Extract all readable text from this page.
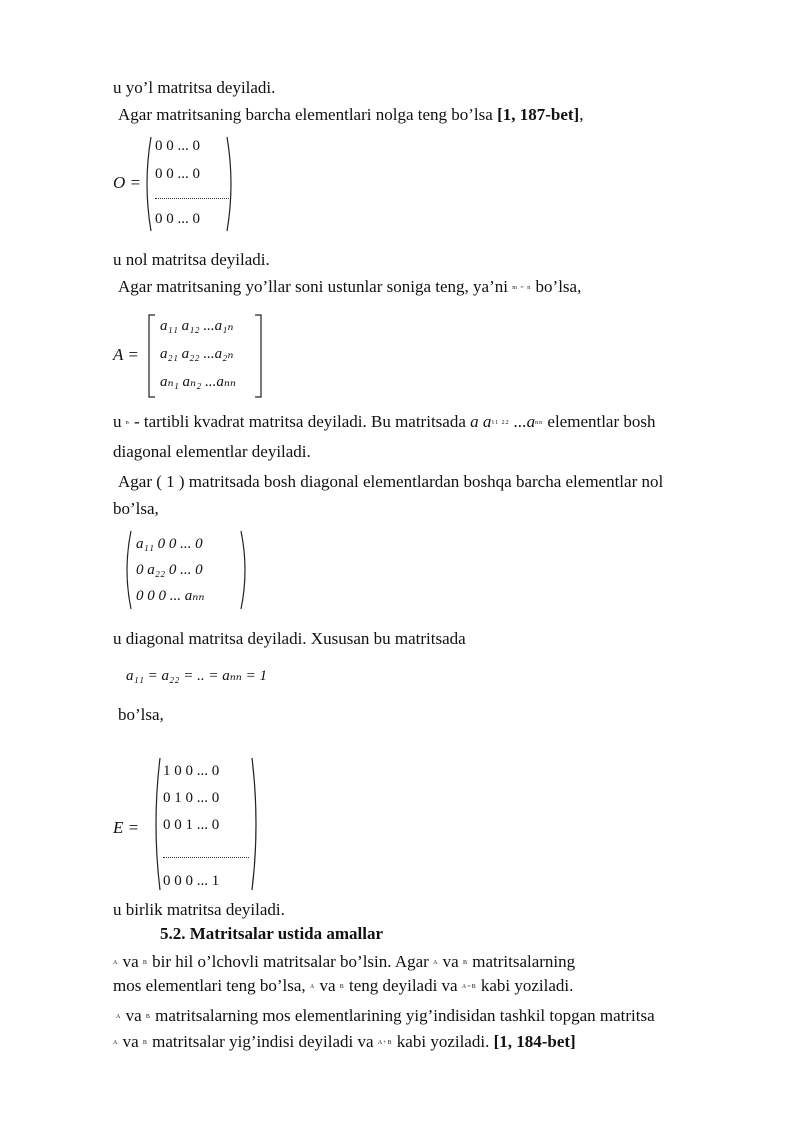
u yo’l matritsa deyiladi.
Agar matritsaning barcha elementlari nolga teng bo’lsa [1, 187-bet],
O =
0 0 ... 0
0 0 ... 0
0 0 ... 0
u nol matritsa deyiladi.
Agar matritsaning yo’llar soni ustunlar soniga teng, ya’ni m = n bo’lsa,
A =
a₁₁ a₁₂ ...a₁ₙ
a₂₁ a₂₂ ...a₂ₙ
aₙ₁ aₙ₂ ...aₙₙ
u n - tartibli kvadrat matritsa deyiladi. Bu matritsada a a11 22 ...ann elementlar bosh
diagonal elementlar deyiladi.
Agar ( 1 ) matritsada bosh diagonal elementlardan boshqa barcha elementlar nol
bo’lsa,
a₁₁ 0 0 ... 0
0 a₂₂ 0 ... 0
0 0 0 ... aₙₙ
u diagonal matritsa deyiladi. Xususan bu matritsada
a₁₁ = a₂₂ = .. = aₙₙ = 1
bo’lsa,
E =
1 0 0 ... 0
0 1 0 ... 0
0 0 1 ... 0
0 0 0 ... 1
u birlik matritsa deyiladi.
5.2. Matritsalar ustida amallar
A va B bir hil o’lchovli matritsalar bo’lsin. Agar A va B matritsalarning
mos elementlari teng bo’lsa, A va B teng deyiladi va A=B kabi yoziladi.
A va B matritsalarning mos elementlarining yig’indisidan tashkil topgan matritsa
A va B matritsalar yig’indisi deyiladi va A+B kabi yoziladi. [1, 184-bet]
